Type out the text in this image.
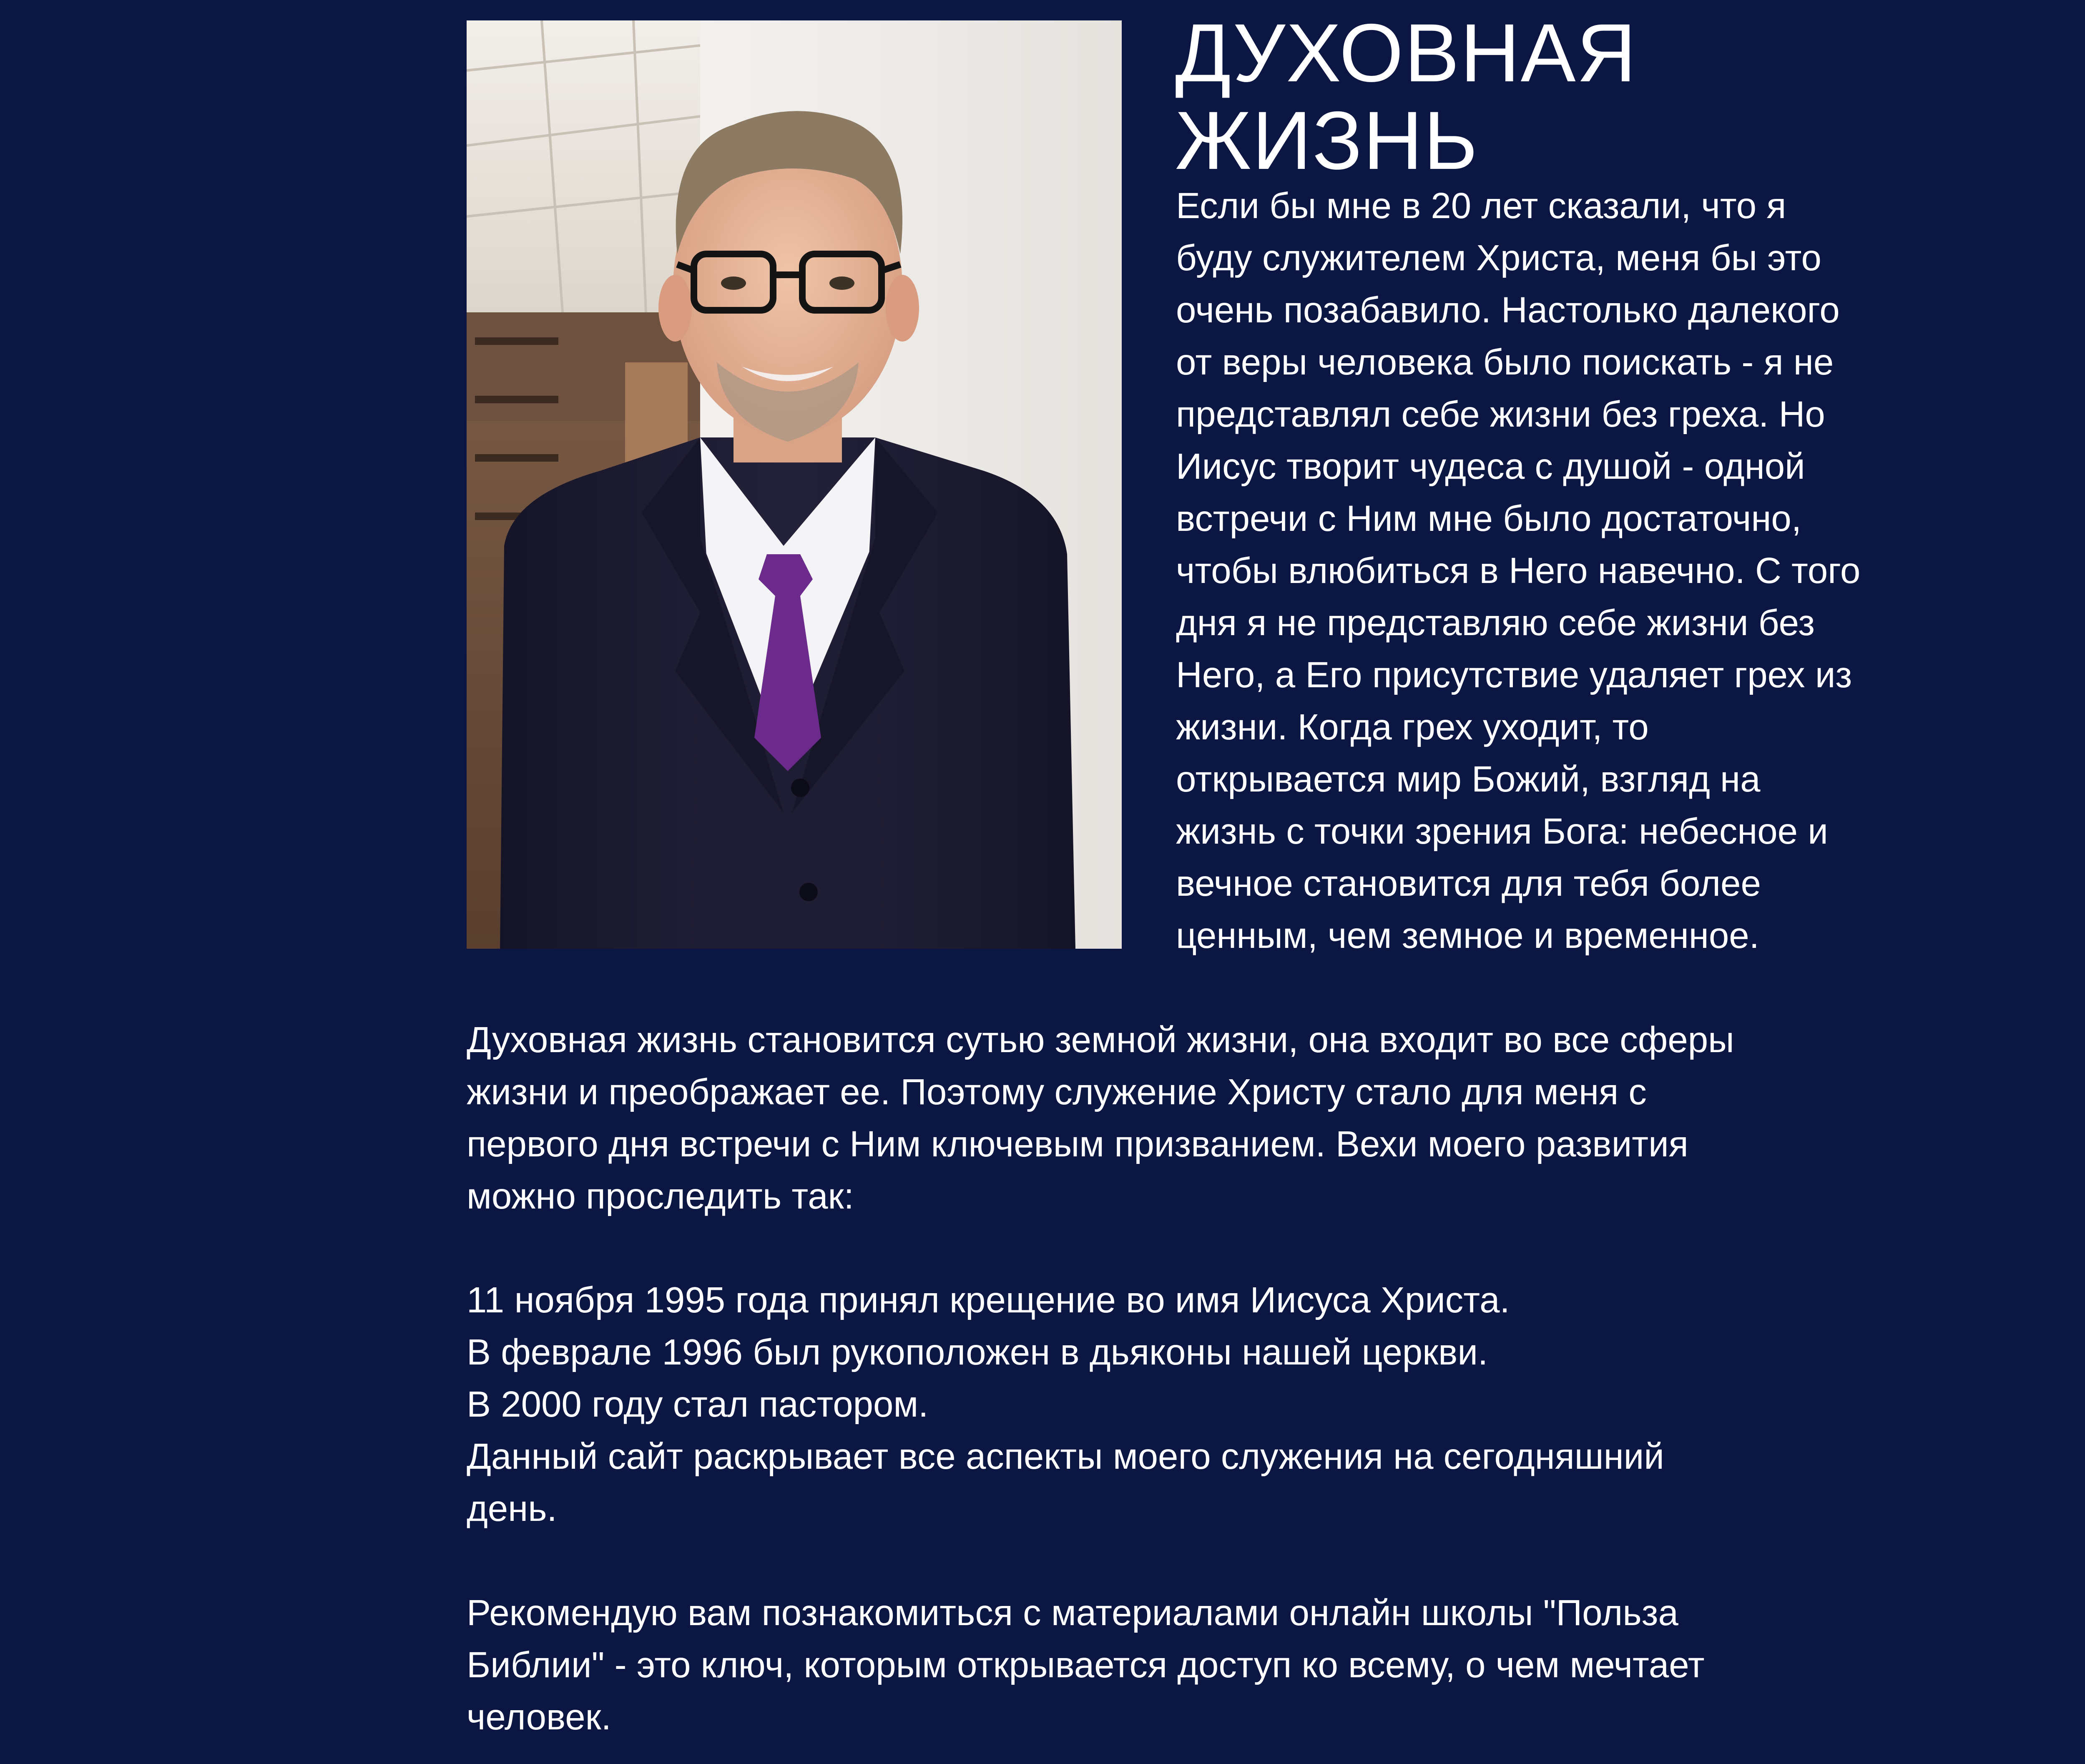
ДУХОВНАЯ
ЖИЗНЬ

Если бы мне в 20 лет сказали, что я
буду служителем Христа, меня бы это
очень позабавило. Настолько далекого
от веры человека было поискать - я не
представлял себе жизни без греха. Но
Иисус творит чудеса с душой - одной
встречи с Ним мне было достаточно,
чтобы влюбиться в Него навечно. С того
дня я не представляю себе жизни без
Него, а Его присутствие удаляет грех из
жизни. Когда грех уходит, то
открывается мир Божий, взгляд на
жизнь с точки зрения Бога: небесное и
вечное становится для тебя более
ценным, чем земное и временное.

Духовная жизнь становится сутью земной жизни, она входит во все сферы
жизни и преображает ее. Поэтому служение Христу стало для меня с
первого дня встречи с Ним ключевым призванием. Вехи моего развития
можно проследить так:

11 ноября 1995 года принял крещение во имя Иисуса Христа.
В феврале 1996 был рукоположен в дьяконы нашей церкви.
В 2000 году стал пастором.
Данный сайт раскрывает все аспекты моего служения на сегодняшний
день.

Рекомендую вам познакомиться с материалами онлайн школы "Польза
Библии" - это ключ, которым открывается доступ ко всему, о чем мечтает
человек.
